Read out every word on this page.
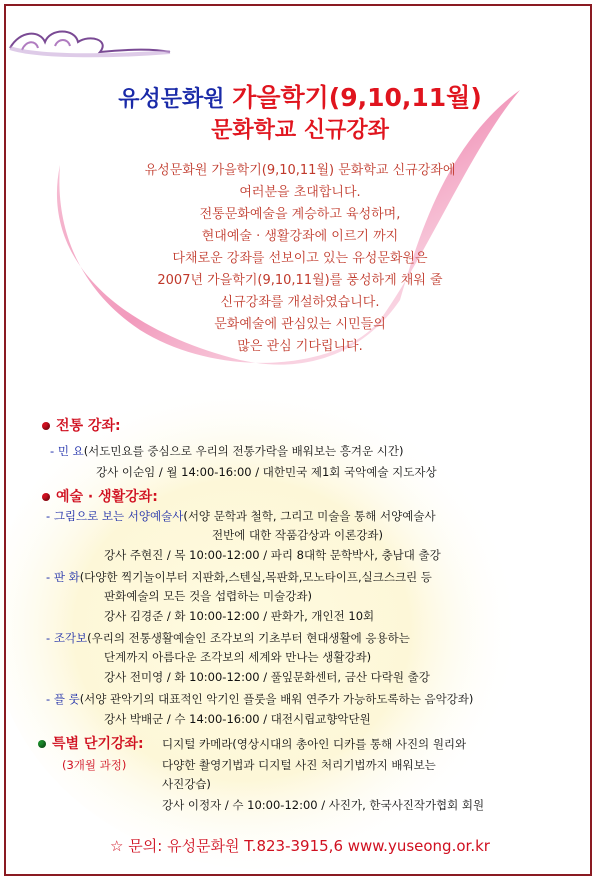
유성문화원 가을학기(9,10,11월)
문화학교 신규강좌
유성문화원 가을학기(9,10,11월) 문화학교 신규강좌에
여러분을 초대합니다.
전통문화예술을 계승하고 육성하며,
현대예술 · 생활강좌에 이르기 까지
다채로운 강좌를 선보이고 있는 유성문화원은
2007년 가을학기(9,10,11월)를 풍성하게 채워 줄
신규강좌를 개설하였습니다.
문화예술에 관심있는 시민들의
많은 관심 기다립니다.
전통 강좌:
- 민 요(서도민요를 중심으로 우리의 전통가락을 배워보는 흥겨운 시간)
강사 이순임 / 월 14:00-16:00 / 대한민국 제1회 국악예술 지도자상
예술 · 생활강좌:
- 그림으로 보는 서양예술사(서양 문학과 철학, 그리고 미술을 통해 서양예술사
전반에 대한 작품감상과 이론강좌)
강사 주현진 / 목 10:00-12:00 / 파리 8대학 문학박사, 충남대 출강
- 판 화(다양한 찍기놀이부터 지판화,스텐실,목판화,모노타이프,실크스크린 등
판화예술의 모든 것을 섭렵하는 미술강좌)
강사 김경준 / 화 10:00-12:00 / 판화가, 개인전 10회
- 조각보(우리의 전통생활예술인 조각보의 기초부터 현대생활에 응용하는
단계까지 아름다운 조각보의 세계와 만나는 생활강좌)
강사 전미영 / 화 10:00-12:00 / 풀잎문화센터, 금산 다락원 출강
- 플 룻(서양 관악기의 대표적인 악기인 플룻을 배워 연주가 가능하도록하는 음악강좌)
강사 박배군 / 수 14:00-16:00 / 대전시립교향악단원
특별 단기강좌: 디지털 카메라(영상시대의 총아인 디카를 통해 사진의 원리와
(3개월 과정)	다양한 촬영기법과 디지털 사진 처리기법까지 배워보는
사진강습)
강사 이정자 / 수 10:00-12:00 / 사진가, 한국사진작가협회 회원
☆ 문의: 유성문화원 T.823-3915,6 www.yuseong.or.kr
